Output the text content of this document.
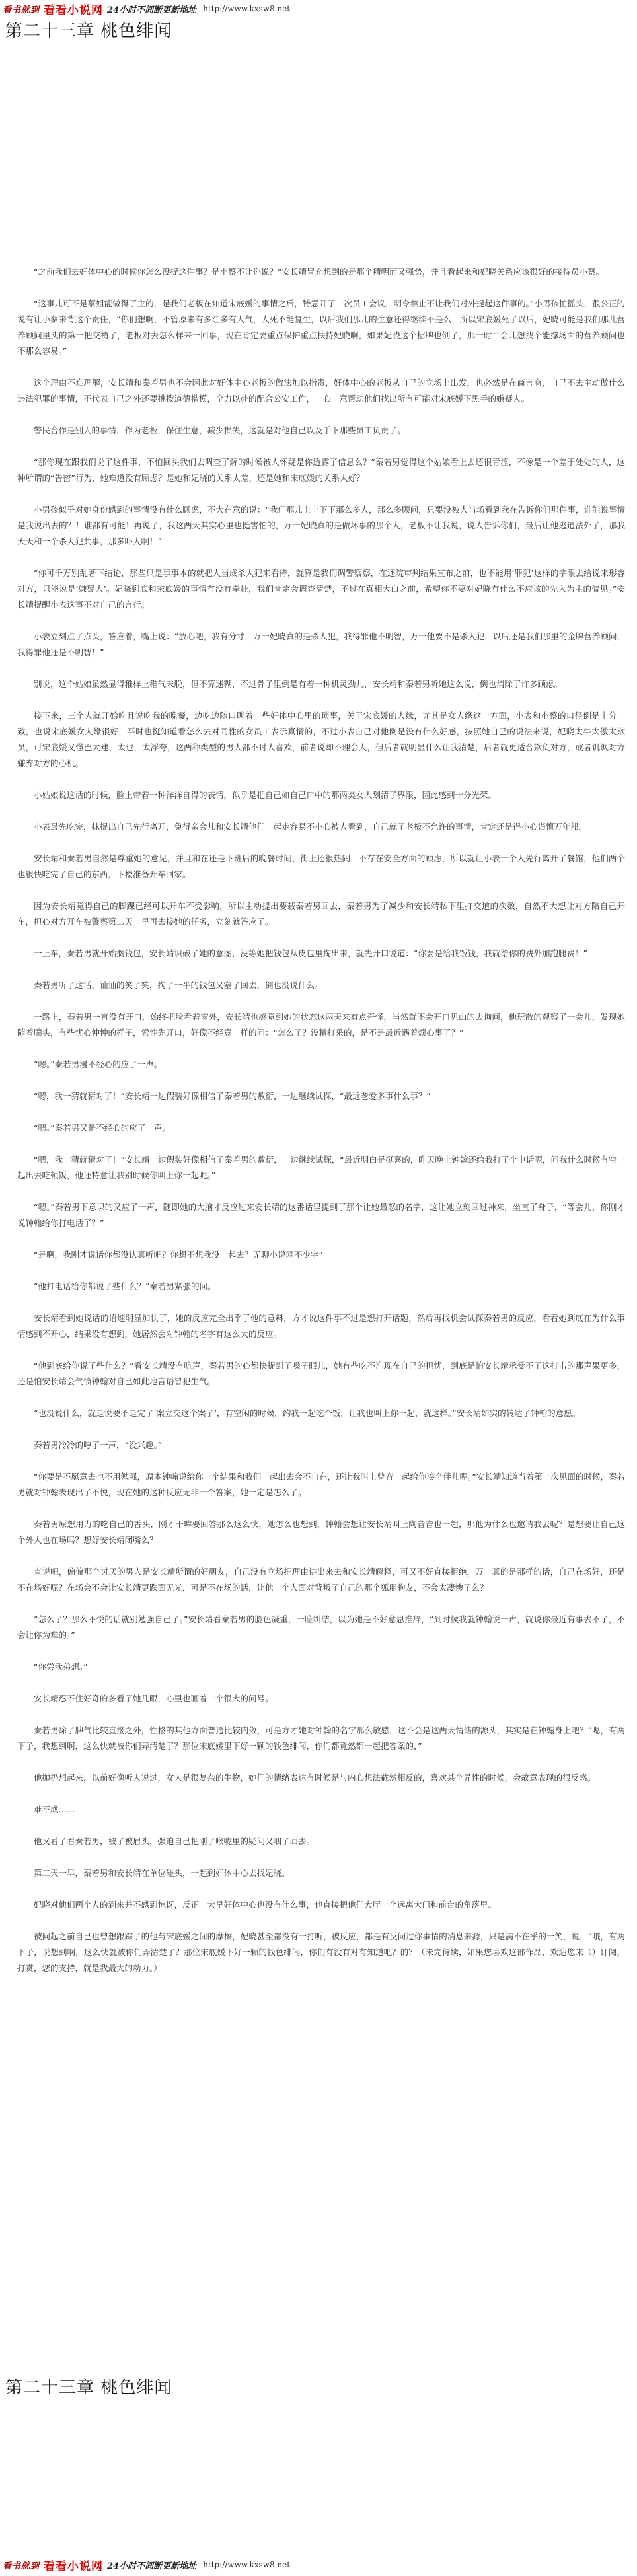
看书就到 看看小说网 24小时不间断更新地址 http://www.kxsw8.net
第二十三章 桃色绯闻

“之前我们去奸体中心的时候你怎么没提这件事？是小蔡不让你说？”安长靖冒充想到的是那个精明而又强势，并且看起来和妃晓关系应该很好的接待员小蔡。

“这事儿可不是蔡姐能做得了主的，是我们老板在知道宋底媛的事情之后，特意开了一次员工会议，明令禁止不让我们对外提起这件事的。”小男孩忙摇头，很公正的说有让小蔡来背这个责任，“你们想啊，不管原来有多红多有人气，人死不能复生，以后我们那儿的生意还得继续不是么，所以宋底媛死了以后，妃晓可能是我们那儿营养顾问里头的第一把交椅了，老板对去怎么样来一回事，现在肯定要重点保护重点扶持妃晓啊，如果妃晓这个招牌也倒了，那一时半会儿想找个能撑场面的营养顾问也不那么容易。”

这个理由不难理解，安长靖和秦若男也不会因此对奸体中心老板的做法加以指责，奸体中心的老板从自己的立场上出发，也必然是在商言商，自己不去主动做什么违法犯罪的事情，不代表自己之外还要挑拨道德楷模，全力以赴的配合公安工作，一心一意帮助他们找出所有可能对宋底媛下黑手的嫌疑人。

警民合作是别人的事情，作为老板，保住生意，减少损失，这就是对他自己以及手下那些员工负责了。

“那你现在跟我们说了这件事，不怕回头我们去调查了解的时候被人怀疑是你透露了信息么？”秦若男觉得这个姑娘看上去还很青涩，不像是一个差于处处的人，这种所谓的“告密”行为，她难道没有顾虑？是她和妃晓的关系太差，还是她和宋底媛的关系太好？

小男孩似乎对她身份感到的事情没有什么顾虑，不大在意的说：“我们那儿上上下下那么多人，那么多顾问，只要没被人当场看到我在告诉你们那件事，谁能说事情是我说出去的？！谁都有可能！再说了，我这两天其实心里也挺害怕的，万一妃晓真的是做坏事的那个人，老板不让我说，说人告诉你们，最后让他逃逍法外了，那我天天和一个杀人犯共事，那多吓人啊！”

“你可千万别乱著下结论，那些只是事事本的就把人当成杀人犯来看待，就算是我们调警察察，在还院审判结果宣布之前，也不能用‘罪犯’这样的字眼去给说来形容对方，只能说是‘嫌疑人’。妃晓到底和宋底媛的事情有没有牵扯，我们肯定会调查清楚，不过在真相大白之前，希望你不要对妃晓有什么不应该的先入为主的偏见。”安长靖提醒小表这事不对自己的言行。

小表立刻点了点头，答应着，嘴上说：“放心吧，我有分寸，万一妃晓真的是杀人犯，我得罪他不明智，万一他要不是杀人犯，以后还是我们那里的金牌营养顾问，我得罪他还是不明智！”

别说，这个姑娘虽然显得稚样上稚气未脱，但不算迷糊，不过骨子里倒是有着一种机灵劲儿，安长靖和秦若男听她这么说，倒也消除了许多顾虑。

接下来，三个人就开始吃且说吃我的晚餐，边吃边随口聊着一些奸体中心里的琐事，关于宋底媛的人缘，尤其是女人缘这一方面，小表和小蔡的口径倒是十分一致，也说宋底媛女人缘很好，平时也挺知道看怎么去对同性的女员工表示真情的，不过小表自己对他倒是没有什么好感，按照她自己的说法来说，妃晓太牛太傲太欺员，可宋底媛又懂巴太建，太也，太浮夸，这两种类型的男人都不讨人喜欢，前者说却不理会人，但后者就明显什么让我清楚，后者就更适合欺负对方，或者讥讽对方嫌弃对方的心机。

小姑娘说这话的时候，脸上带着一种洋洋自得的表情，似乎是把自己如自己口中的那两类女人划清了界限，因此感到十分光荣。

小表最先吃完，抹提出自己先行离开，免得亲会儿和安长靖他们一起走容易不小心被人看到，自己就了老板不允许的事情，肯定还是得小心谨慎万年船。

安长靖和秦若男自然是尊重她的意见，并且和在还是下班后的晚餐时间，街上还很热闹，不存在安全方面的顾虑，所以就让小表一个人先行离开了餐馆，他们两个也很快吃完了自己的东西，下楼准备开车回家。

因为安长靖觉得自己的脚踝已经可以开车不受影响，所以主动提出要载秦若男回去，秦若男为了减少和安长靖私下里打交道的次数，自然不大想让对方陪自己开车，担心对方开车被警察第二天一早再去接她的任务，立刻就答应了。

一上车，秦若男就开始搁钱包，安长靖识破了她的意图，没等她把钱包从皮包里掏出来，就先开口说道：“你要是给我饭钱，我就给你的费外加跑腿费！”

秦若男听了这话，讪讪的笑了笑，掏了一半的钱包又塞了回去，倒也没说什么。

一路上，秦若男一直没有开口，始终把脸看着窗外，安长靖也感觉到她的状态这两天来有点奇怪，当然就不会开口见山的去询问，他玩散的观察了一会儿，发现她随着喘头，有些忧心忡忡的样子，索性先开口，好像不经意一样的问：“怎么了？没精打采的，是不是最近遇着烦心事了？”

“嗯。”秦若男漫不经心的应了一声。

“嗯，我一猜就猜对了！”安长靖一边假装好像相信了秦若男的敷衍，一边继续试探，“最近老爱多事什么事？”

“嗯。”秦若男又是不经心的应了一声。

“嗯，我一猜就猜对了！”安长靖一边假装好像相信了秦若男的敷衍，一边继续试探，“最近明白是挺喜的，昨天晚上钟翰还给我打了个电话呢，问我什么时候有空一起出去吃顿饭，他还特意让我别时候你叫上你一起呢。”

“嗯。”秦若男下意识的又应了一声，随即她的大脑才反应过来安长靖的这番话里提到了那个让她最怒的名字，这让她立刻回过神来，坐直了身子，“等会儿，你刚才说钟翰给你打电话了？”

“是啊，我刚才说话你都没认真听吧？你想不想我没一起去？无聊小说网不少字”

“他打电话给你都说了些什么？”秦若男紧张的问。

安长靖看到她说话的语速明显加快了，她的反应完全出乎了他的意料，方才说这件事不过是想打开话题，然后再找机会试探秦若男的反应，看看她到底在为什么事情感到不开心，结果没有想到，她居然会对钟翰的名字有这么大的反应。

“他到底给你说了些什么？”看安长靖没有吭声，秦若男的心都快提到了嗓子眼儿，她有些吃不准现在自己的担忧，到底是怕安长靖承受不了这打击的那声果更多，还是怕安长靖会气愤钟翰对自己如此地言语冒犯生气。

“也没说什么，就是说要不是完了‘案立交这个案子’，有空闲的时候，约我一起吃个饭，让我也叫上你一起，就这样。”安长靖如实的转达了钟翰的意愿。

秦若男冷冷的哼了一声，“没兴趣。”

“你要是不愿意去也不用勉强，原本钟翰说给你一个结果和我们一起出去会不自在，还让我叫上曾音一起给你凑个伴儿呢。”安长靖知道当着第一次见面的时候，秦若男就对钟翰表现出了不悦，现在她的这种反应无非一个答案，她一定是怎么了。

秦若男原想用力的吃自己的舌头，刚才干嘛要回答那么这么快，她怎么也想到，钟翰会想让安长靖叫上陶音音也一起，那他为什么也邀请我去呢？是想要让自己这个外人也在场吗？想好安长靖闭嘴么？

直说吧，偏偏那个讨厌的男人是安长靖所谓的好朋友，自己没有立场把理由讲出来去和安长靖解释，可又不好直接拒绝，万一真的是那样的话，自己在场好，还是不在场好呢？在场会不会让安长靖更跌面无光，可是不在场的话，让他一个人面对背叛了自己的那个狐朋狗友，不会太凄惨了么？

“怎么了？那么不悦的话就别勉强自己了。”安长靖看秦若男的脸色凝重，一脸纠结，以为她是不好意思推辞，“到时候我就钟翰说一声，就说你最近有事去不了，不会让你为难的。”

“你尝我弟想。”

安长靖忍不住好奇的多看了她几眼，心里也画着一个很大的问号。

秦若男除了脾气比较直接之外，性格的其他方面普通比较内敛，可是方才她对钟翰的名字那么敏感，这不会是这两天情绪的源头，其实是在钟翰身上吧？“嗯，有两下子，我想到啊，这么快就被你们弄清楚了？那位宋底媛里下好一颗的钱色绯闻，你们都竟然都一起把答案的，”

他抛扔想起来，以前好像听人说过，女人是很复杂的生物，她们的情绪表达有时候是与内心想法截然相反的，喜欢某个异性的时候，会故意表现的很反感。

难不成……

他又看了看秦若男，被了被眉头，强迫自己把刚了喉咙里的疑问又咽了回去。

第二天一早，秦若男和安长靖在单位碰头，一起到奸体中心去找妃晓。

妃晓对他们两个人的到来并不感到惊讶，反正一大早奸体中心也没有什么事，他直接把他们大厅一个远离大门和前台的角落里。

被问起之前自己也曾想跟踪了的他与宋底媛之间的摩擦，妃晓甚至都没有一打听，被反应，都是有反问过你事情的消息来源，只是满不在乎的一笑，说，“哦，有两下子，说想到啊，这么快就被你们弄清楚了？那位宋底媛下好一颗的钱色绯闻，你们有没有对有知道吧？的？（未完待续，如果您喜欢这部作品，欢迎您来（）订阅，打赏，您的支持，就是我最大的动力。）

第二十三章 桃色绯闻
看书就到 看看小说网 24小时不间断更新地址 http://www.kxsw8.net
